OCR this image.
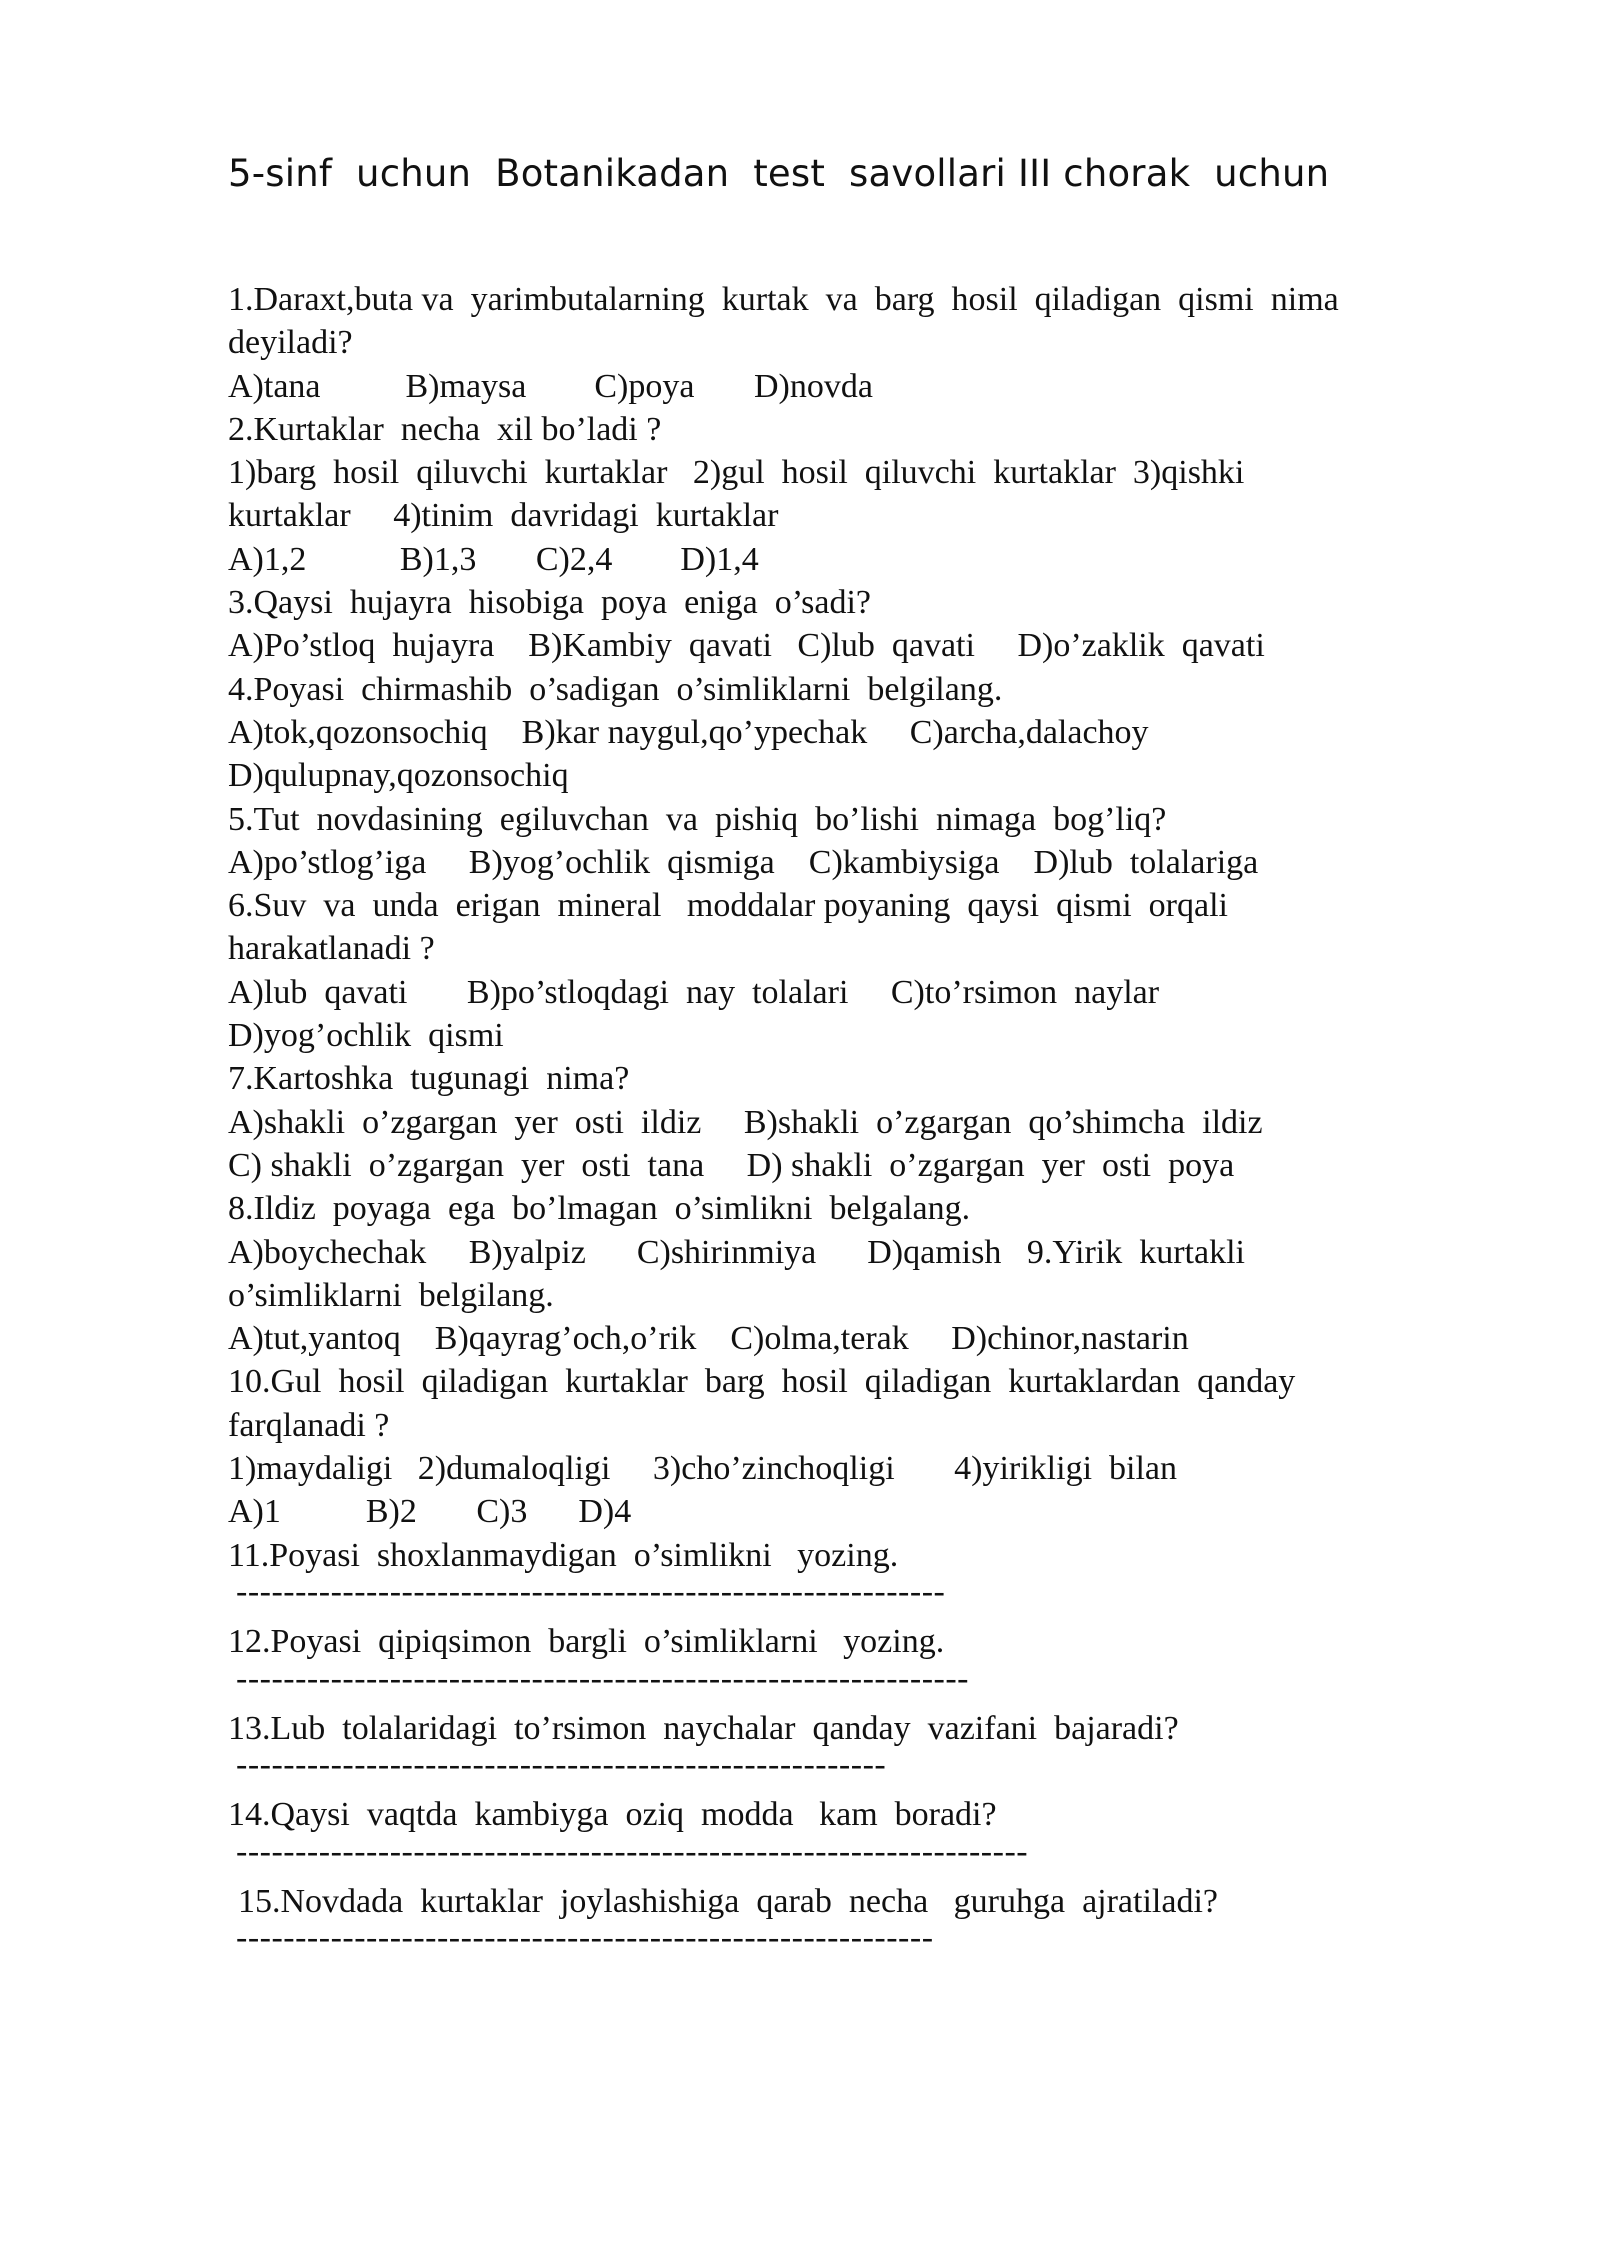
5-sinf  uchun  Botanikadan  test  savollari III chorak  uchun
1.Daraxt,buta va  yarimbutalarning  kurtak  va  barg  hosil  qiladigan  qismi  nima
deyiladi?
A)tana          B)maysa        C)poya       D)novda
2.Kurtaklar  necha  xil bo’ladi ?
1)barg  hosil  qiluvchi  kurtaklar   2)gul  hosil  qiluvchi  kurtaklar  3)qishki
kurtaklar     4)tinim  davridagi  kurtaklar
A)1,2           B)1,3       C)2,4        D)1,4
3.Qaysi  hujayra  hisobiga  poya  eniga  o’sadi?
A)Po’stloq  hujayra    B)Kambiy  qavati   C)lub  qavati     D)o’zaklik  qavati
4.Poyasi  chirmashib  o’sadigan  o’simliklarni  belgilang.
A)tok,qozonsochiq    B)kar naygul,qo’ypechak     C)archa,dalachoy
D)qulupnay,qozonsochiq
5.Tut  novdasining  egiluvchan  va  pishiq  bo’lishi  nimaga  bog’liq?
A)po’stlog’iga     B)yog’ochlik  qismiga    C)kambiysiga    D)lub  tolalariga
6.Suv  va  unda  erigan  mineral   moddalar poyaning  qaysi  qismi  orqali
harakatlanadi ?
A)lub  qavati       B)po’stloqdagi  nay  tolalari     C)to’rsimon  naylar
D)yog’ochlik  qismi
7.Kartoshka  tugunagi  nima?
A)shakli  o’zgargan  yer  osti  ildiz     B)shakli  o’zgargan  qo’shimcha  ildiz
C) shakli  o’zgargan  yer  osti  tana     D) shakli  o’zgargan  yer  osti  poya
8.Ildiz  poyaga  ega  bo’lmagan  o’simlikni  belgalang.
A)boychechak     B)yalpiz      C)shirinmiya      D)qamish   9.Yirik  kurtakli
o’simliklarni  belgilang.
A)tut,yantoq    B)qayrag’och,o’rik    C)olma,terak     D)chinor,nastarin
10.Gul  hosil  qiladigan  kurtaklar  barg  hosil  qiladigan  kurtaklardan  qanday
farqlanadi ?
1)maydaligi   2)dumaloqligi     3)cho’zinchoqligi       4)yirikligi  bilan
A)1          B)2       C)3      D)4
11.Poyasi  shoxlanmaydigan  o’simlikni   yozing.
------------------------------------------------------------
12.Poyasi  qipiqsimon  bargli  o’simliklarni   yozing.
--------------------------------------------------------------
13.Lub  tolalaridagi  to’rsimon  naychalar  qanday  vazifani  bajaradi?
-------------------------------------------------------
14.Qaysi  vaqtda  kambiyga  oziq  modda   kam  boradi?
-------------------------------------------------------------------
15.Novdada  kurtaklar  joylashishiga  qarab  necha   guruhga  ajratiladi?
-----------------------------------------------------------
